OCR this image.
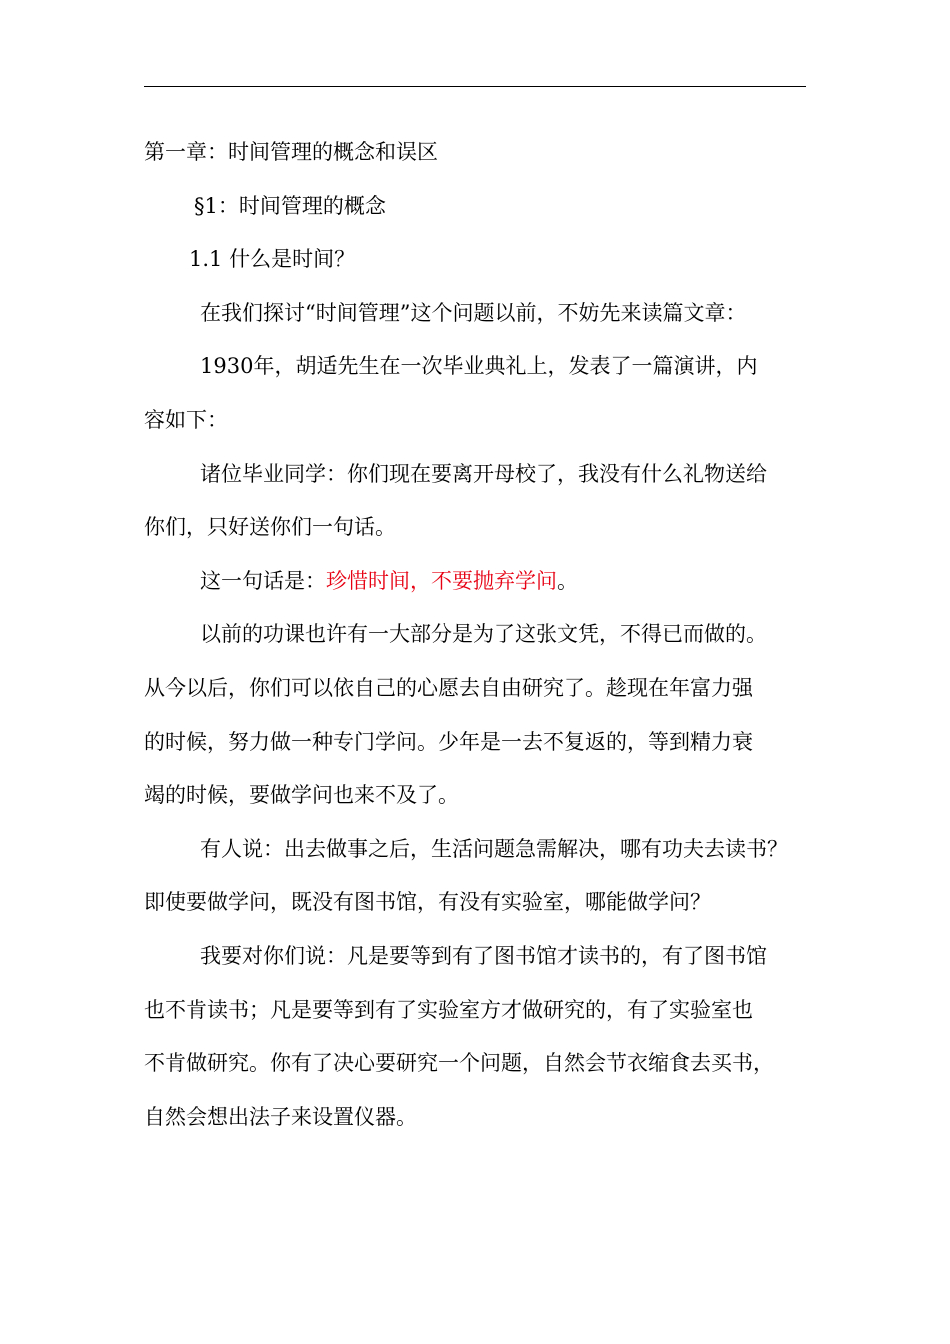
第一章：时间管理的概念和误区
§1：时间管理的概念
1.1 什么是时间？
在我们探讨“时间管理”这个问题以前，不妨先来读篇文章：
1930年，胡适先生在一次毕业典礼上，发表了一篇演讲，内
容如下：
诸位毕业同学：你们现在要离开母校了，我没有什么礼物送给
你们，只好送你们一句话。
这一句话是：珍惜时间，不要抛弃学问。
以前的功课也许有一大部分是为了这张文凭，不得已而做的。
从今以后，你们可以依自己的心愿去自由研究了。趁现在年富力强
的时候，努力做一种专门学问。少年是一去不复返的，等到精力衰
竭的时候，要做学问也来不及了。
有人说：出去做事之后，生活问题急需解决，哪有功夫去读书？
即使要做学问，既没有图书馆，有没有实验室，哪能做学问？
我要对你们说：凡是要等到有了图书馆才读书的，有了图书馆
也不肯读书；凡是要等到有了实验室方才做研究的，有了实验室也
不肯做研究。你有了决心要研究一个问题，自然会节衣缩食去买书，
自然会想出法子来设置仪器。
